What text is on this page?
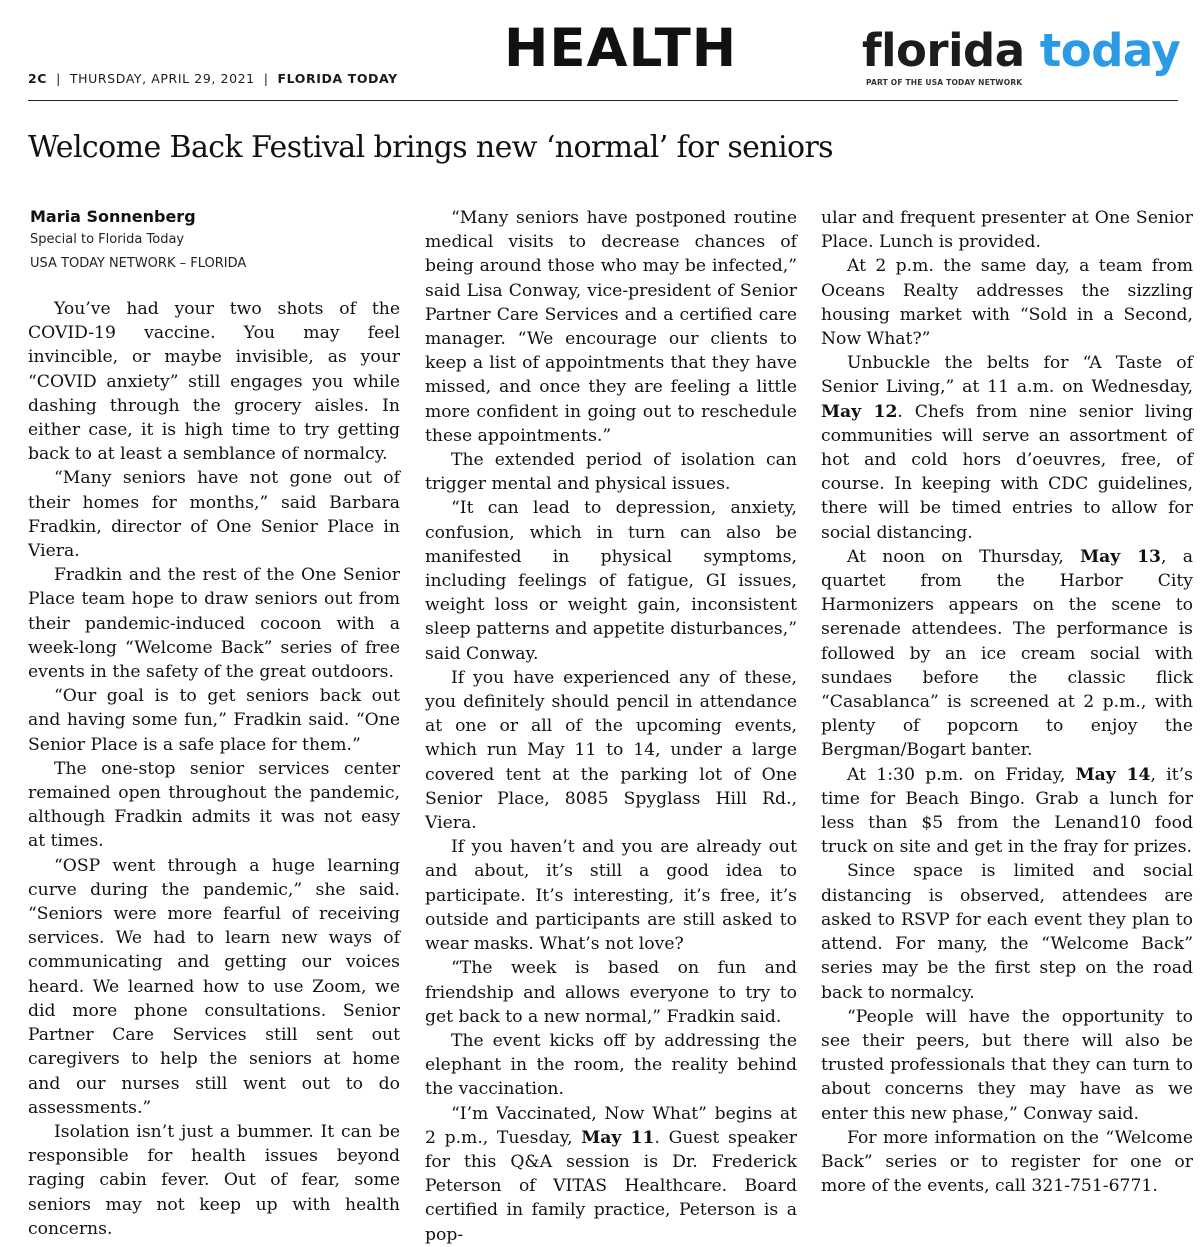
2C | THURSDAY, APRIL 29, 2021 | FLORIDA TODAY HEALTH	florida today
PART OF THE USA TODAY NETWORK
Welcome Back Festival brings new ‘normal’ for seniors
Maria Sonnenberg
Special to Florida Today
USA TODAY NETWORK – FLORIDA

You’ve had your two shots of the COVID-19 vaccine. You may feel invincible, or maybe invisible, as your “COVID anxiety” still engages you while dashing through the grocery aisles. In either case, it is high time to try getting back to at least a semblance of normalcy.

“Many seniors have not gone out of their homes for months,” said Barbara Fradkin, director of One Senior Place in Viera.

Fradkin and the rest of the One Senior Place team hope to draw seniors out from their pandemic-induced cocoon with a week-long “Welcome Back” series of free events in the safety of the great outdoors.

“Our goal is to get seniors back out and having some fun,” Fradkin said. “One Senior Place is a safe place for them.”

The one-stop senior services center remained open throughout the pandemic, although Fradkin admits it was not easy at times.

“OSP went through a huge learning curve during the pandemic,” she said. “Seniors were more fearful of receiving services. We had to learn new ways of communicating and getting our voices heard. We learned how to use Zoom, we did more phone consultations. Senior Partner Care Services still sent out caregivers to help the seniors at home and our nurses still went out to do assessments.”

Isolation isn’t just a bummer. It can be responsible for health issues beyond raging cabin fever. Out of fear, some seniors may not keep up with health concerns.

“Many seniors have postponed routine medical visits to decrease chances of being around those who may be infected,” said Lisa Conway, vice-president of Senior Partner Care Services and a certified care manager. “We encourage our clients to keep a list of appointments that they have missed, and once they are feeling a little more confident in going out to reschedule these appointments.”

The extended period of isolation can trigger mental and physical issues.

“It can lead to depression, anxiety, confusion, which in turn can also be manifested in physical symptoms, including feelings of fatigue, GI issues, weight loss or weight gain, inconsistent sleep patterns and appetite disturbances,” said Conway.

If you have experienced any of these, you definitely should pencil in attendance at one or all of the upcoming events, which run May 11 to 14, under a large covered tent at the parking lot of One Senior Place, 8085 Spyglass Hill Rd., Viera.

If you haven’t and you are already out and about, it’s still a good idea to participate. It’s interesting, it’s free, it’s outside and participants are still asked to wear masks. What’s not love?

“The week is based on fun and friendship and allows everyone to try to get back to a new normal,” Fradkin said.

The event kicks off by addressing the elephant in the room, the reality behind the vaccination.

“I’m Vaccinated, Now What” begins at 2 p.m., Tuesday, May 11. Guest speaker for this Q&A session is Dr. Frederick Peterson of VITAS Healthcare. Board certified in family practice, Peterson is a pop-

ular and frequent presenter at One Senior Place. Lunch is provided.

At 2 p.m. the same day, a team from Oceans Realty addresses the sizzling housing market with “Sold in a Second, Now What?”

Unbuckle the belts for “A Taste of Senior Living,” at 11 a.m. on Wednesday, May 12. Chefs from nine senior living communities will serve an assortment of hot and cold hors d’oeuvres, free, of course. In keeping with CDC guidelines, there will be timed entries to allow for social distancing.

At noon on Thursday, May 13, a quartet from the Harbor City Harmonizers appears on the scene to serenade attendees. The performance is followed by an ice cream social with sundaes before the classic flick “Casablanca” is screened at 2 p.m., with plenty of popcorn to enjoy the Bergman/Bogart banter.

At 1:30 p.m. on Friday, May 14, it’s time for Beach Bingo. Grab a lunch for less than $5 from the Lenand10 food truck on site and get in the fray for prizes.

Since space is limited and social distancing is observed, attendees are asked to RSVP for each event they plan to attend. For many, the “Welcome Back” series may be the first step on the road back to normalcy.

“People will have the opportunity to see their peers, but there will also be trusted professionals that they can turn to about concerns they may have as we enter this new phase,” Conway said.

For more information on the “Welcome Back” series or to register for one or more of the events, call 321-751-6771.
